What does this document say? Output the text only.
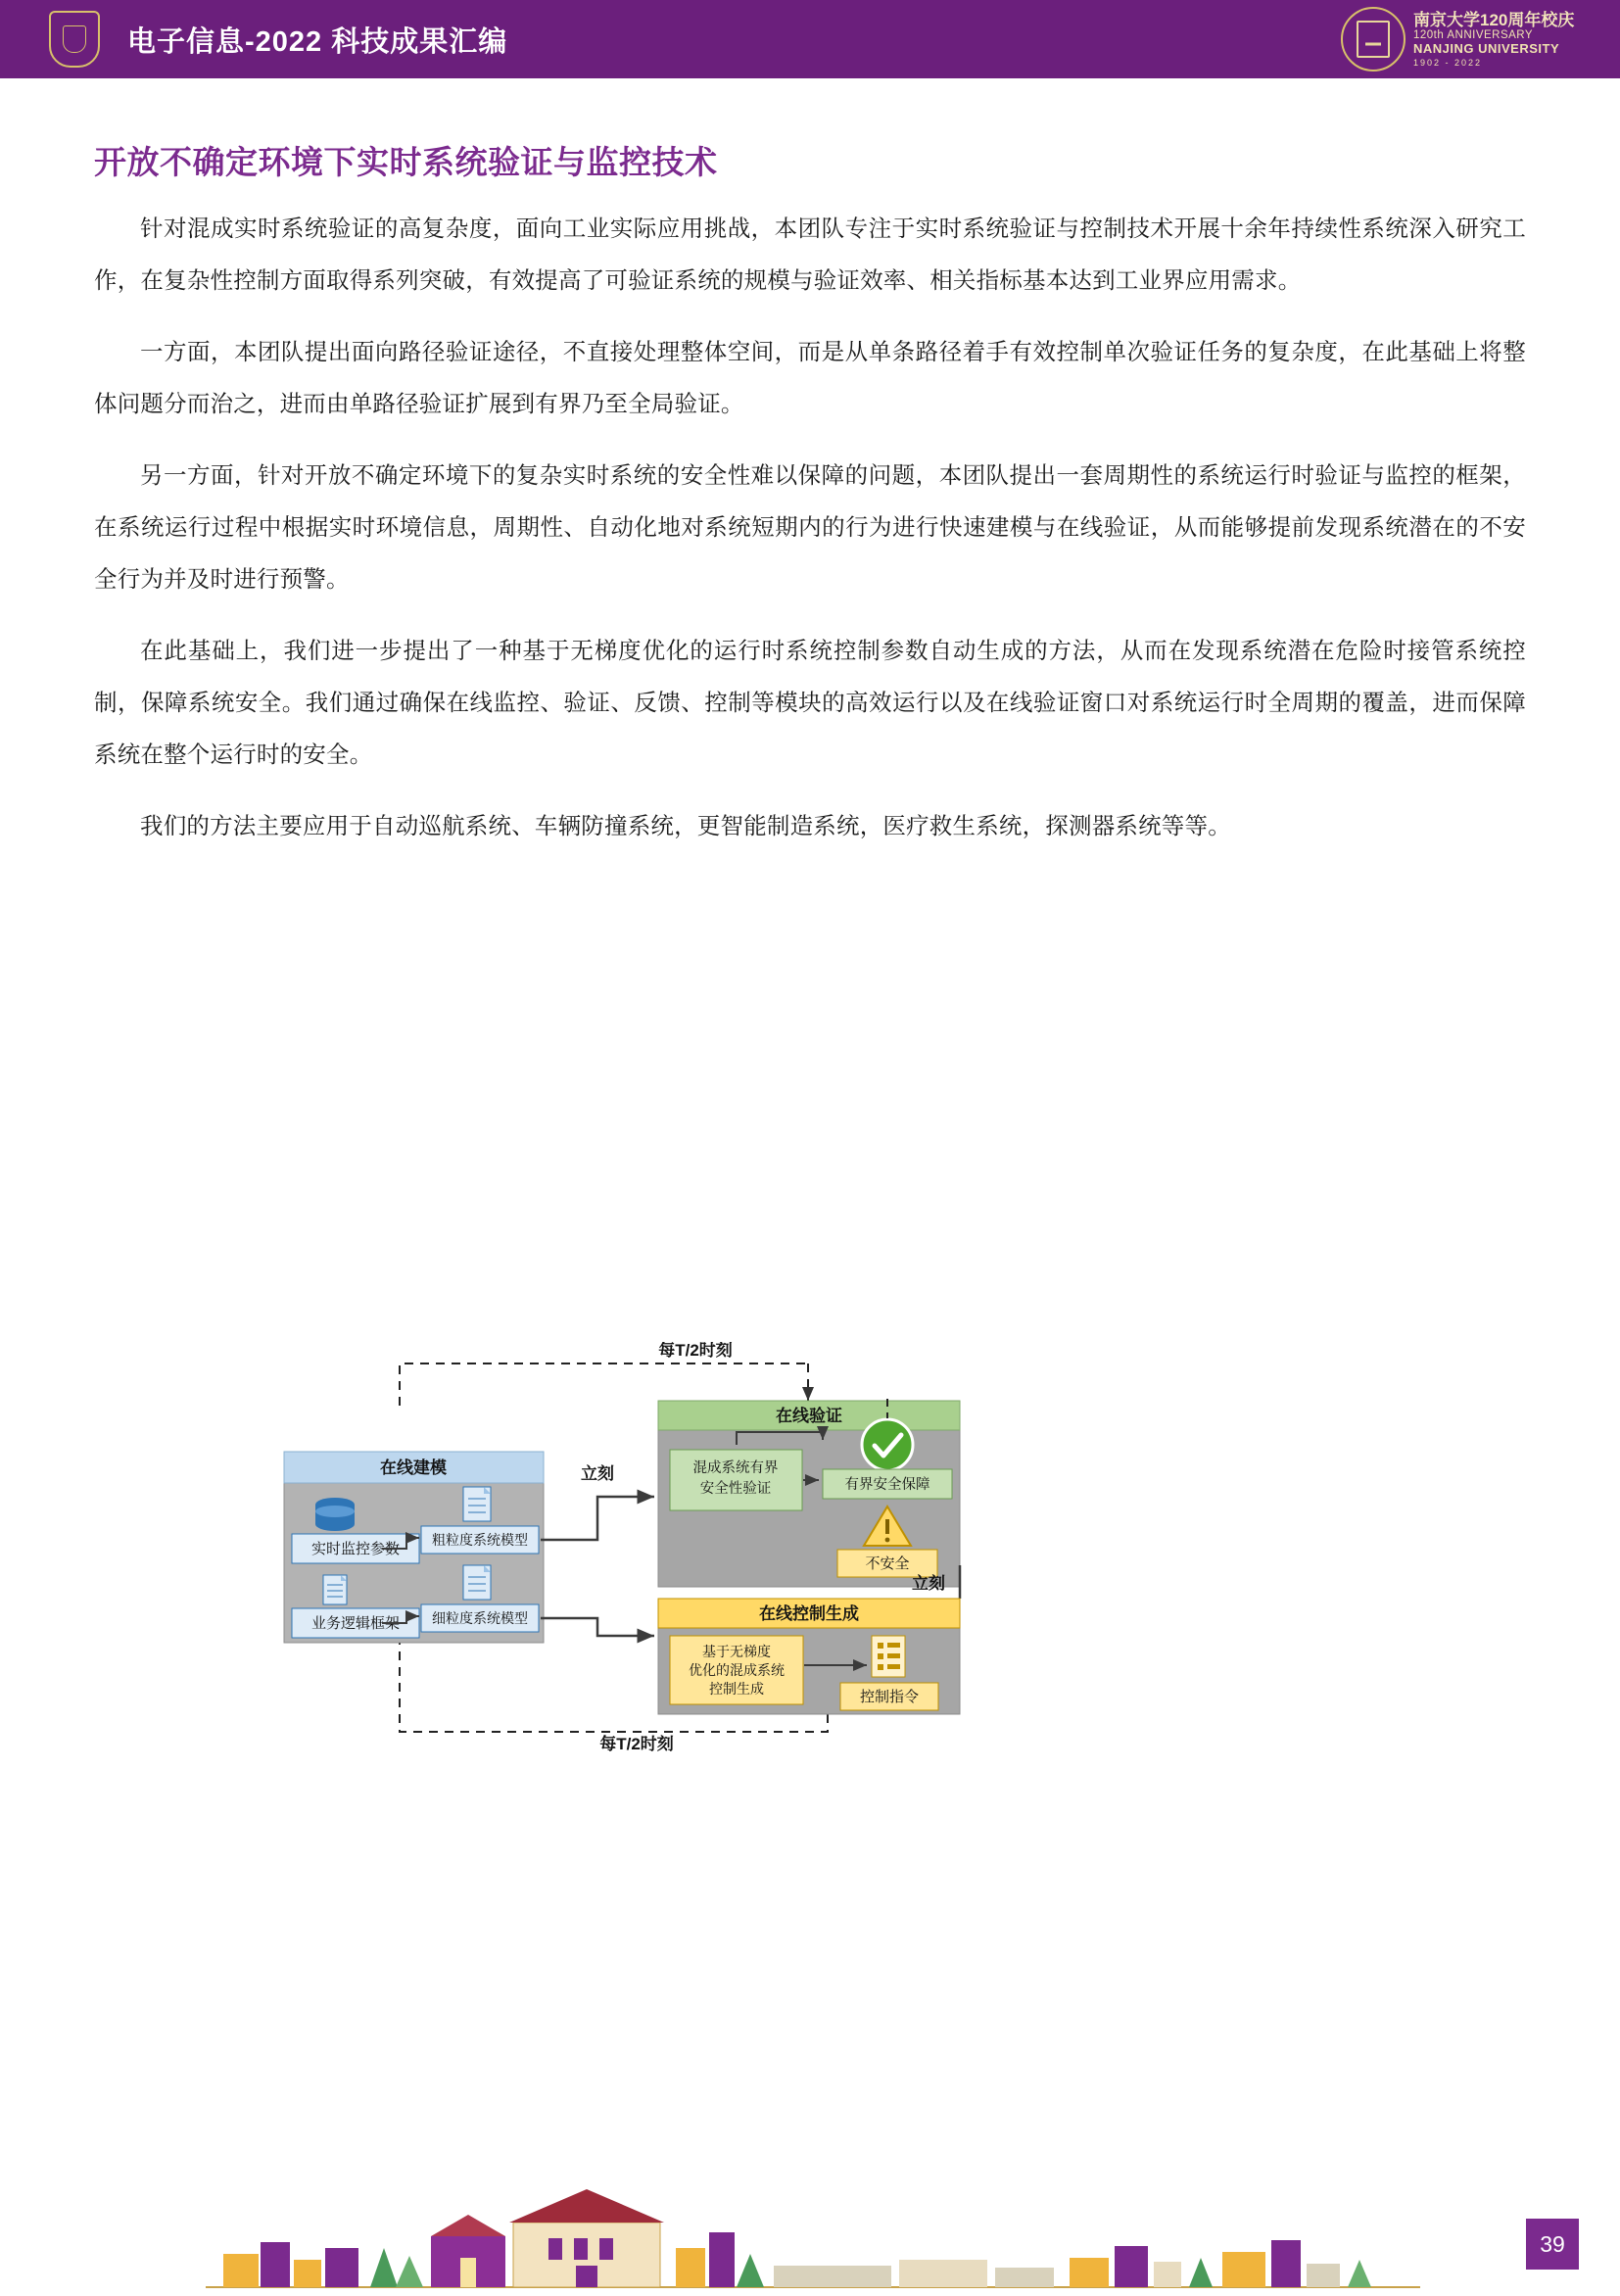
电子信息-2022 科技成果汇编
南京大学120周年校庆
120th ANNIVERSARY
NANJING UNIVERSITY
1902 - 2022
开放不确定环境下实时系统验证与监控技术

针对混成实时系统验证的高复杂度，面向工业实际应用挑战，本团队专注于实时系统验证与控制技术开展十余年持续性系统深入研究工作，在复杂性控制方面取得系列突破，有效提高了可验证系统的规模与验证效率、相关指标基本达到工业界应用需求。

一方面，本团队提出面向路径验证途径，不直接处理整体空间，而是从单条路径着手有效控制单次验证任务的复杂度，在此基础上将整体问题分而治之，进而由单路径验证扩展到有界乃至全局验证。

另一方面，针对开放不确定环境下的复杂实时系统的安全性难以保障的问题，本团队提出一套周期性的系统运行时验证与监控的框架，在系统运行过程中根据实时环境信息，周期性、自动化地对系统短期内的行为进行快速建模与在线验证，从而能够提前发现系统潜在的不安全行为并及时进行预警。

在此基础上，我们进一步提出了一种基于无梯度优化的运行时系统控制参数自动生成的方法，从而在发现系统潜在危险时接管系统控制，保障系统安全。我们通过确保在线监控、验证、反馈、控制等模块的高效运行以及在线验证窗口对系统运行时全周期的覆盖，进而保障系统在整个运行时的安全。

我们的方法主要应用于自动巡航系统、车辆防撞系统，更智能制造系统，医疗救生系统，探测器系统等等。

在线建模
实时监控参数
业务逻辑框架
粗粒度系统模型
细粒度系统模型
立刻
在线验证
混成系统有界
安全性验证	有界安全保障
不安全
立刻
在线控制生成
基于无梯度
优化的混成系统
控制生成	控制指令
每T/2时刻
每T/2时刻
39
